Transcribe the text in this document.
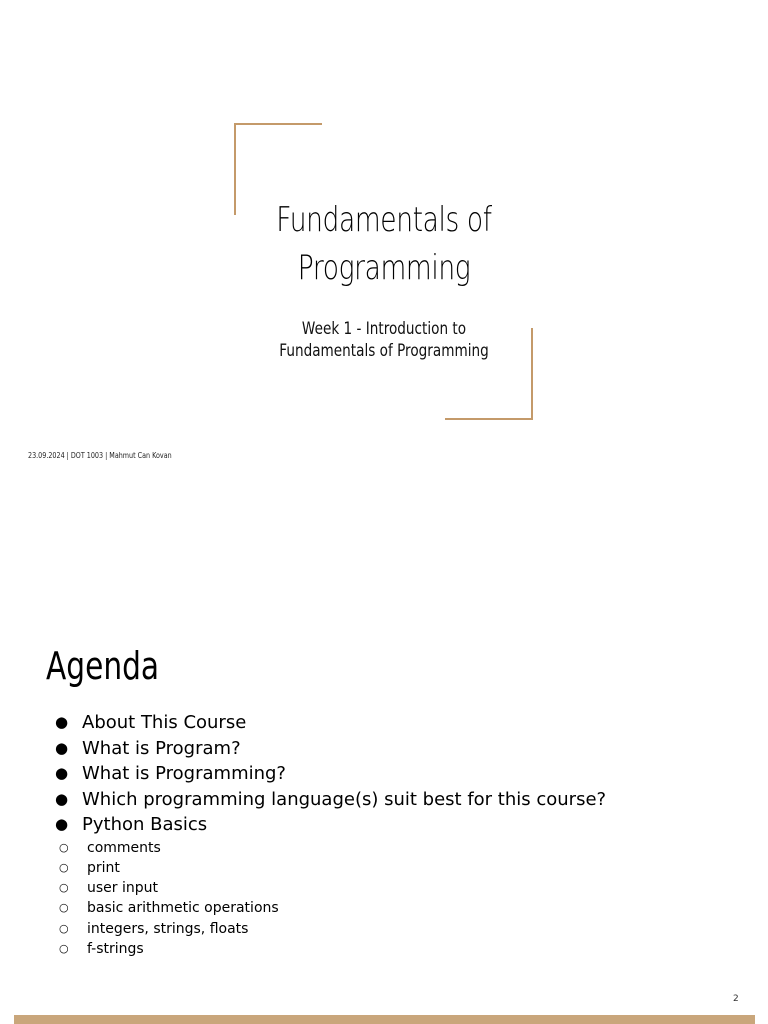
Fundamentals of
Programming
Week 1 - Introduction to
Fundamentals of Programming
23.09.2024 | DOT 1003 | Mahmut Can Kovan
Agenda
● About This Course
● What is Program?
● What is Programming?
● Which programming language(s) suit best for this course?
● Python Basics
○ comments
○ print
○ user input
○ basic arithmetic operations
○ integers, strings, floats
○ f-strings
2
